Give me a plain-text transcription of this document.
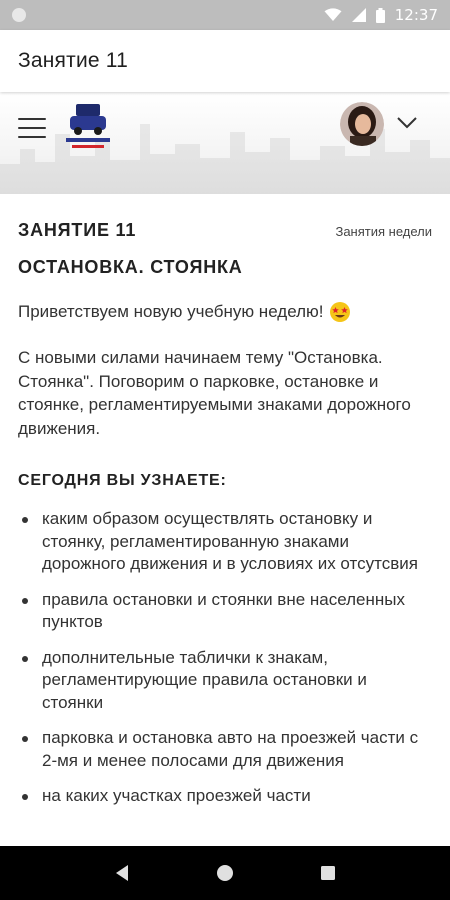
12:37
Занятие 11
ЗАНЯТИЕ 11	Занятия недели
ОСТАНОВКА. СТОЯНКА
Приветствуем новую учебную неделю!

С новыми силами начинаем тему "Остановка. Стоянка". Поговорим о парковке, остановке и стоянке, регламентируемыми знаками дорожного движения.

СЕГОДНЯ ВЫ УЗНАЕТЕ:
каким образом осуществлять остановку и стоянку, регламентированную знаками дорожного движения и в условиях их отсутсвия
правила остановки и стоянки вне населенных пунктов
дополнительные таблички к знакам, регламентирующие правила остановки и стоянки
парковка и остановка авто на проезжей части с 2-мя и менее полосами для движения
на каких участках проезжей части
